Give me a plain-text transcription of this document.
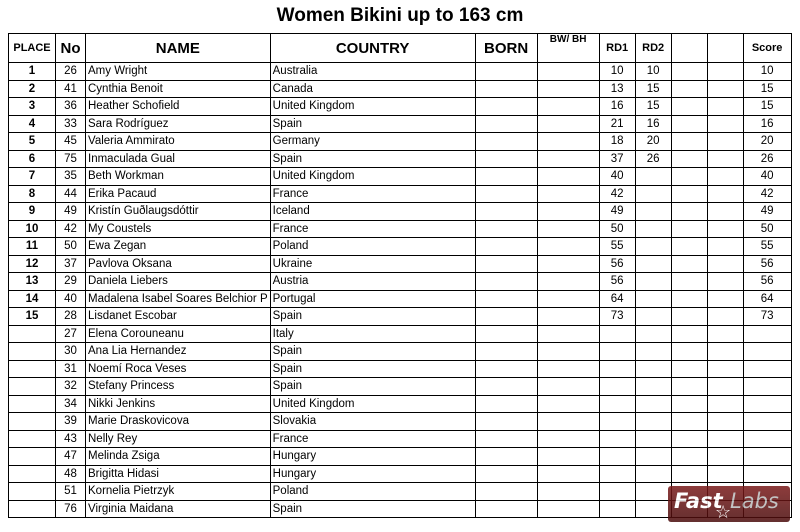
Women Bikini up to 163 cm
PLACE	No	NAME	COUNTRY	BORN	BW/ BH	RD1	RD2			Score
1	26	Amy Wright	Australia			10	10			10
2	41	Cynthia Benoit	Canada			13	15			15
3	36	Heather Schofield	United Kingdom			16	15			15
4	33	Sara Rodríguez	Spain			21	16			16
5	45	Valeria Ammirato	Germany			18	20			20
6	75	Inmaculada Gual	Spain			37	26			26
7	35	Beth Workman	United Kingdom			40				40
8	44	Erika Pacaud	France			42				42
9	49	Kristín Guðlaugsdóttir	Iceland			49				49
10	42	My Coustels	France			50				50
11	50	Ewa Zegan	Poland			55				55
12	37	Pavlova Oksana	Ukraine			56				56
13	29	Daniela Liebers	Austria			56				56
14	40	Madalena Isabel Soares Belchior P	Portugal			64				64
15	28	Lisdanet Escobar	Spain			73				73
	27	Elena Corouneanu	Italy							
	30	Ana Lia Hernandez	Spain							
	31	Noemí Roca Veses	Spain							
	32	Stefany Princess	Spain							
	34	Nikki Jenkins	United Kingdom							
	39	Marie Draskovicova	Slovakia							
	43	Nelly Rey	France							
	47	Melinda Zsiga	Hungary							
	48	Brigitta Hidasi	Hungary							
	51	Kornelia Pietrzyk	Poland							
	76	Virginia Maidana	Spain								Fast
☆
Labs
